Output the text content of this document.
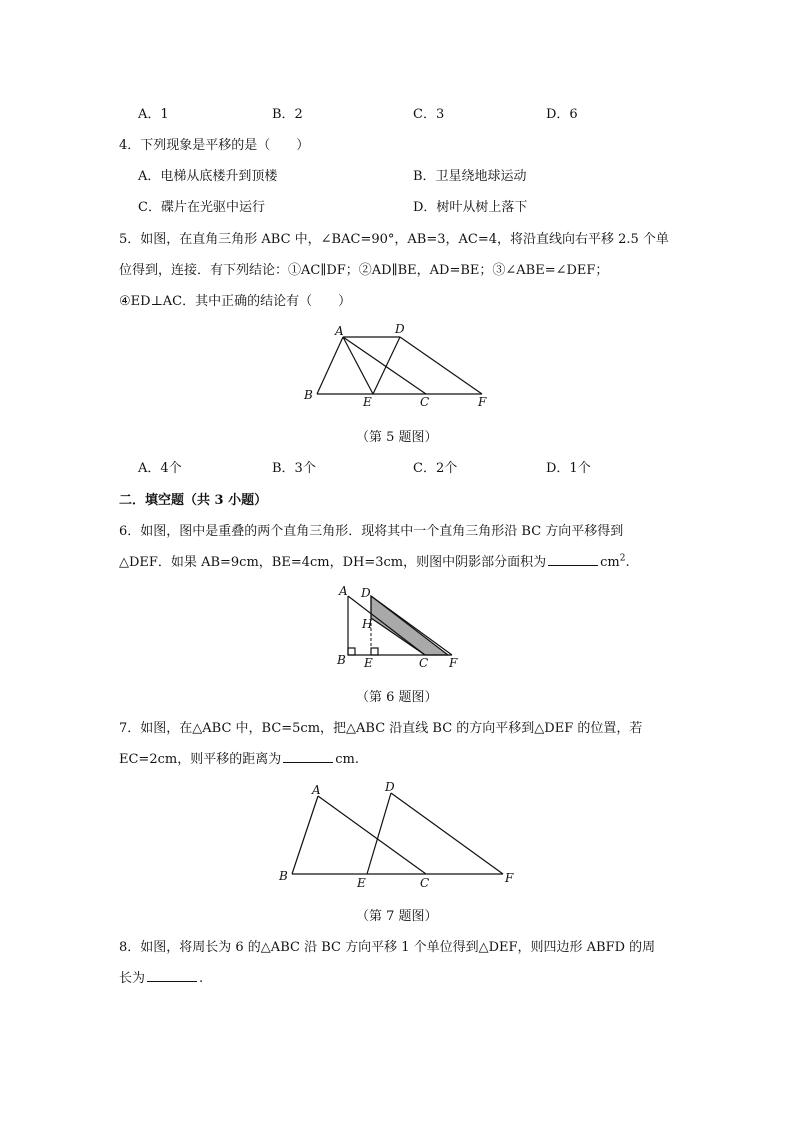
A．1	B．2	C．3	D．6
4．下列现象是平移的是（　　）
A．电梯从底楼升到顶楼	B．卫星绕地球运动
C．碟片在光驱中运行	D．树叶从树上落下
5．如图，在直角三角形 ABC 中，∠BAC=90°，AB=3，AC=4，将沿直线向右平移 2.5 个单
位得到，连接．有下列结论：①AC∥DF；②AD∥BE，AD=BE；③∠ABE=∠DEF；
④ED⊥AC．其中正确的结论有（　　）
A	D
B	E	C	F
（第 5 题图）
A．4个	B．3个	C．2个	D．1个
二．填空题（共 3 小题）
6．如图，图中是重叠的两个直角三角形．现将其中一个直角三角形沿 BC 方向平移得到
△DEF．如果 AB=9cm，BE=4cm，DH=3cm，则图中阴影部分面积为	$cm^2$.
A D
H
B E	C F
（第 6 题图）
7．如图，在△ABC 中，BC=5cm，把△ABC 沿直线 BC 的方向平移到△DEF 的位置，若
EC=2cm，则平移的距离为	cm.
A	D
B	E	C	F
（第 7 题图）
8．如图，将周长为 6 的△ABC 沿 BC 方向平移 1 个单位得到△DEF，则四边形 ABFD 的周
长为	.
